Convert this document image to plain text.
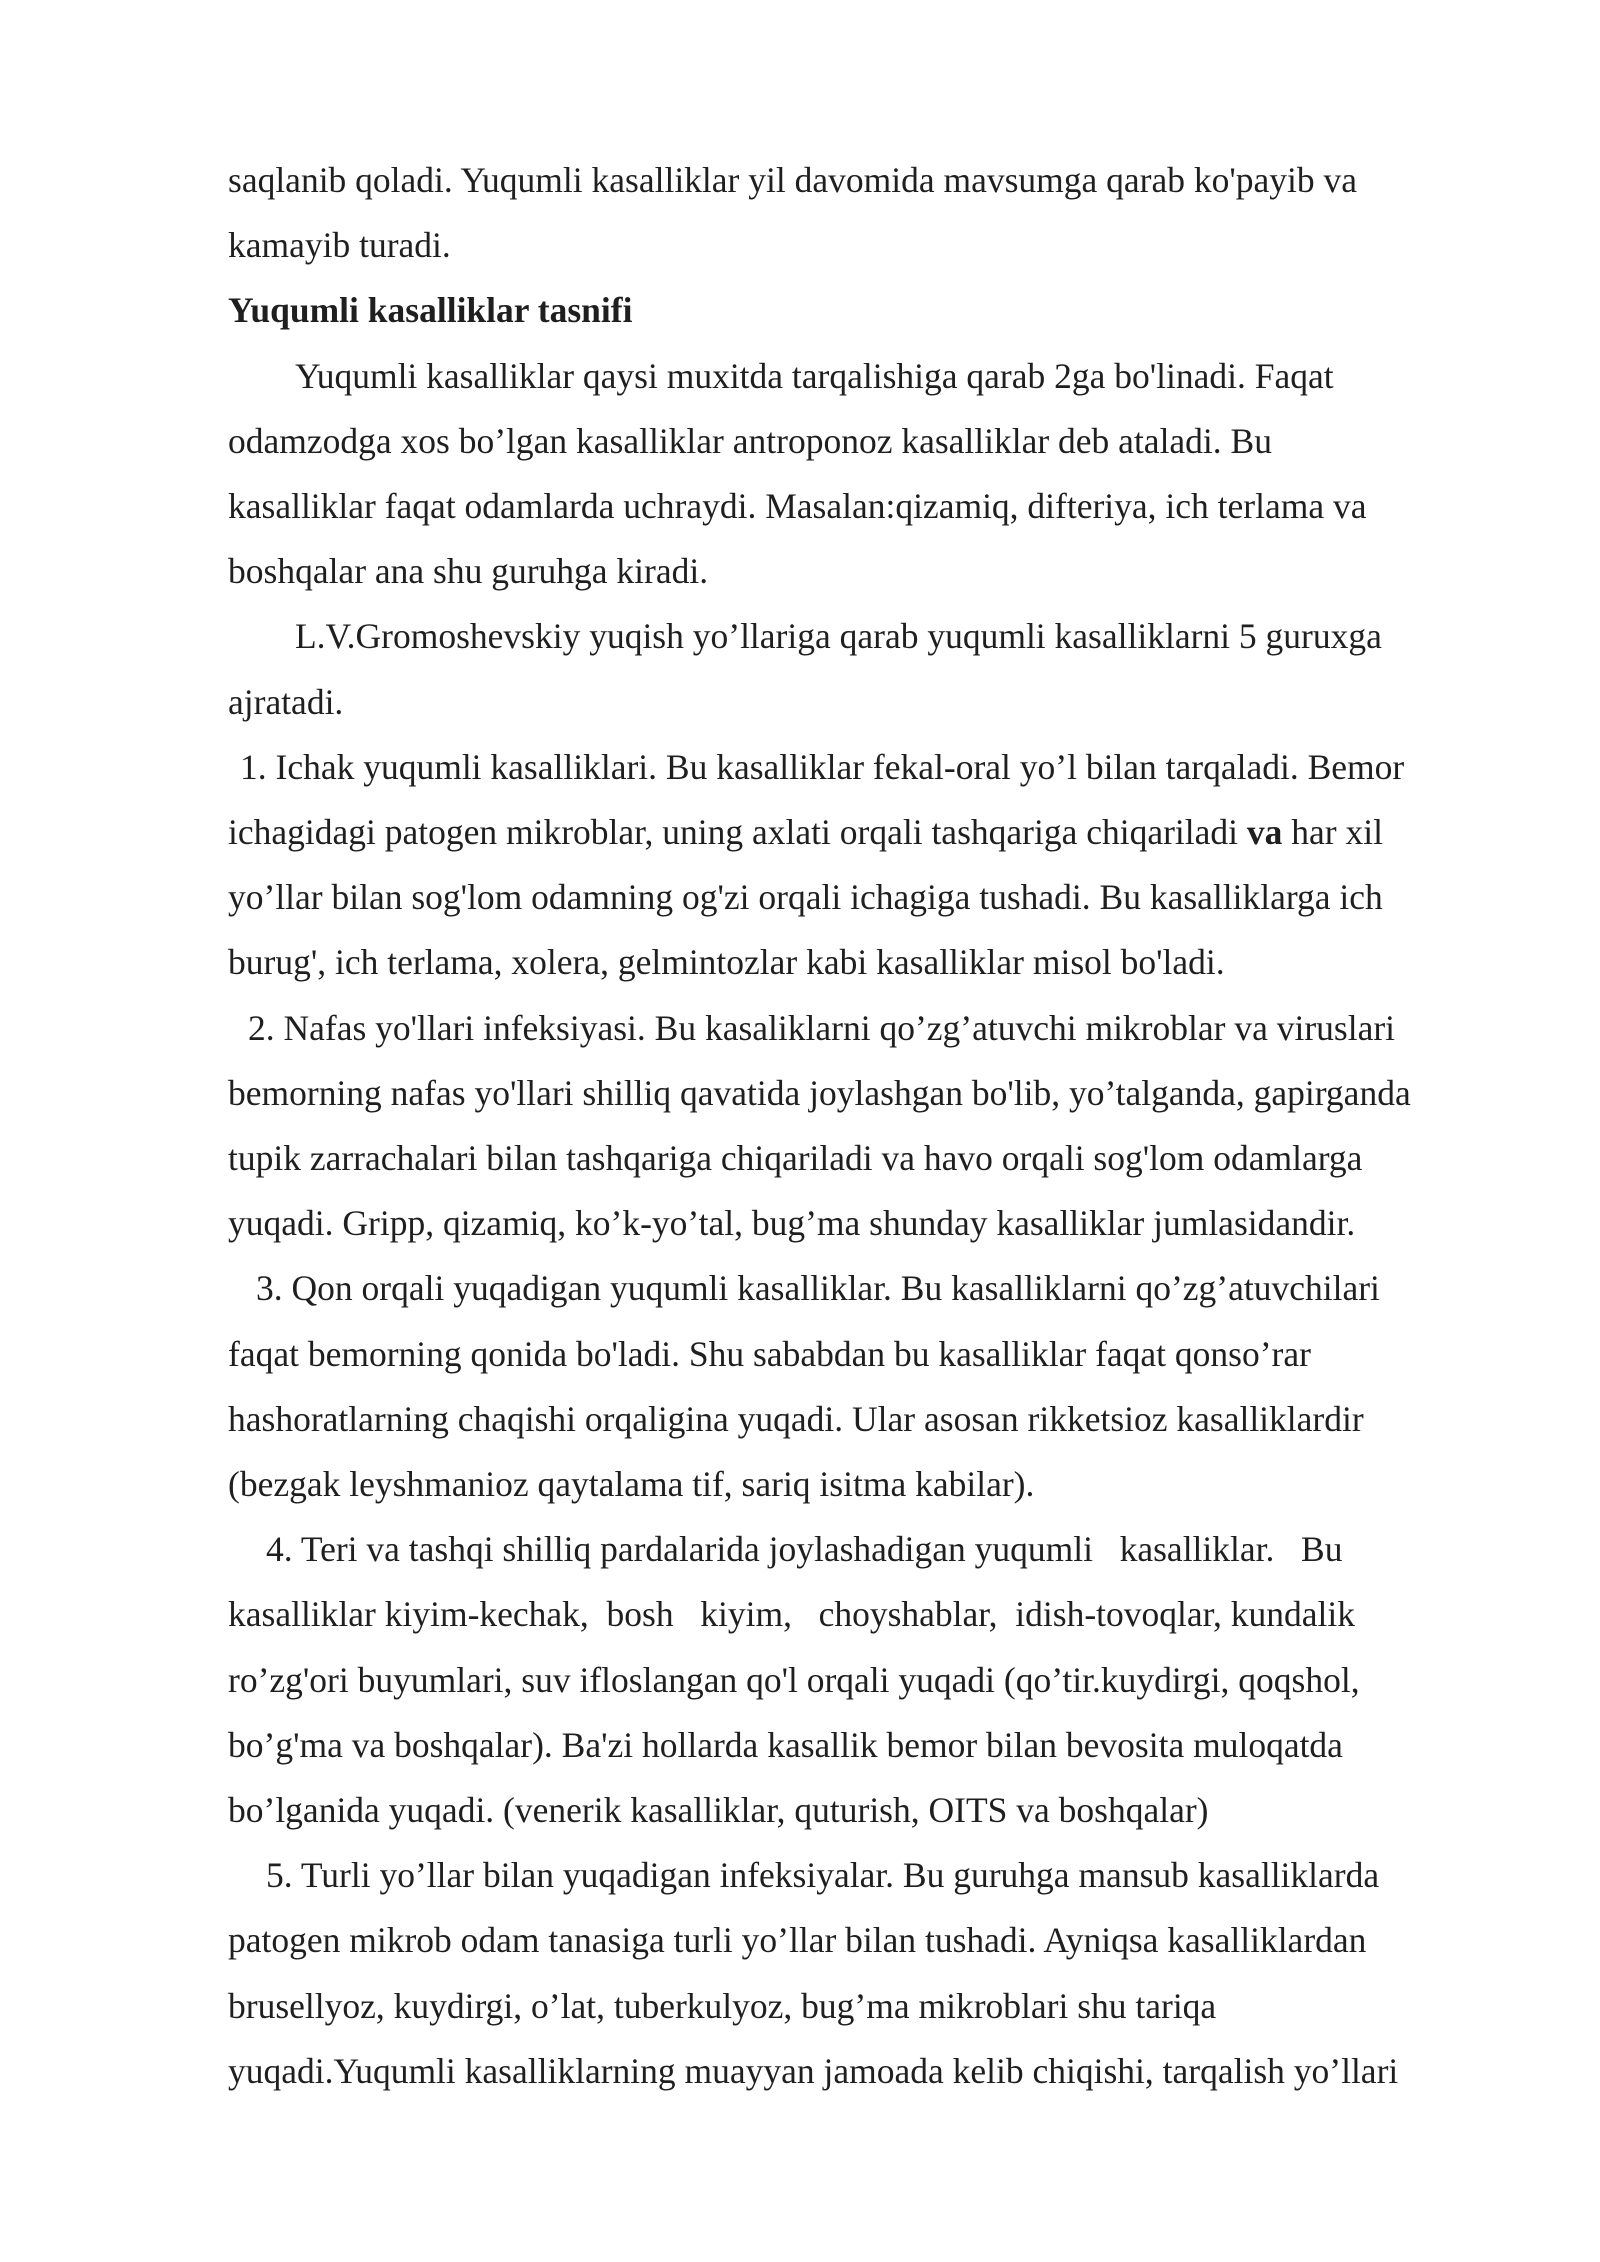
saqlanib qoladi. Yuqumli kasalliklar yil davomida mavsumga qarab ko'payib va

kamayib turadi.

Yuqumli kasalliklar tasnifi

Yuqumli kasalliklar qaysi muxitda tarqalishiga qarab 2ga bo'linadi. Faqat

odamzodga xos bo’lgan kasalliklar antroponoz kasalliklar deb ataladi. Bu

kasalliklar faqat odamlarda uchraydi. Masalan:qizamiq, difteriya, ich terlama va

boshqalar ana shu guruhga kiradi.

L.V.Gromoshevskiy yuqish yo’llariga qarab yuqumli kasalliklarni 5 guruxga

ajratadi.

1. Ichak yuqumli kasalliklari. Bu kasalliklar fekal-oral yo’l bilan tarqaladi. Bemor

ichagidagi patogen mikroblar, uning axlati orqali tashqariga chiqariladi va har xil

yo’llar bilan sog'lom odamning og'zi orqali ichagiga tushadi. Bu kasalliklarga ich

burug', ich terlama, xolera, gelmintozlar kabi kasalliklar misol bo'ladi.

2. Nafas yo'llari infeksiyasi. Bu kasaliklarni qo’zg’atuvchi mikroblar va viruslari

bemorning nafas yo'llari shilliq qavatida joylashgan bo'lib, yo’talganda, gapirganda

tupik zarrachalari bilan tashqariga chiqariladi va havo orqali sog'lom odamlarga

yuqadi. Gripp, qizamiq, ko’k-yo’tal, bug’ma shunday kasalliklar jumlasidandir.

3. Qon orqali yuqadigan yuqumli kasalliklar. Bu kasalliklarni qo’zg’atuvchilari

faqat bemorning qonida bo'ladi. Shu sababdan bu kasalliklar faqat qonso’rar

hashoratlarning chaqishi orqaligina yuqadi. Ular asosan rikketsioz kasalliklardir

(bezgak leyshmanioz qaytalama tif, sariq isitma kabilar).

4. Teri va tashqi shilliq pardalarida joylashadigan yuqumli   kasalliklar.   Bu

kasalliklar kiyim-kechak,  bosh   kiyim,   choyshablar,  idish-tovoqlar, kundalik

ro’zg'ori buyumlari, suv ifloslangan qo'l orqali yuqadi (qo’tir.kuydirgi, qoqshol,

bo’g'ma va boshqalar). Ba'zi hollarda kasallik bemor bilan bevosita muloqatda

bo’lganida yuqadi. (venerik kasalliklar, quturish, OITS va boshqalar)

5. Turli yo’llar bilan yuqadigan infeksiyalar. Bu guruhga mansub kasalliklarda

patogen mikrob odam tanasiga turli yo’llar bilan tushadi. Ayniqsa kasalliklardan

brusellyoz, kuydirgi, o’lat, tuberkulyoz, bug’ma mikroblari shu tariqa

yuqadi.Yuqumli kasalliklarning muayyan jamoada kelib chiqishi, tarqalish yo’llari
